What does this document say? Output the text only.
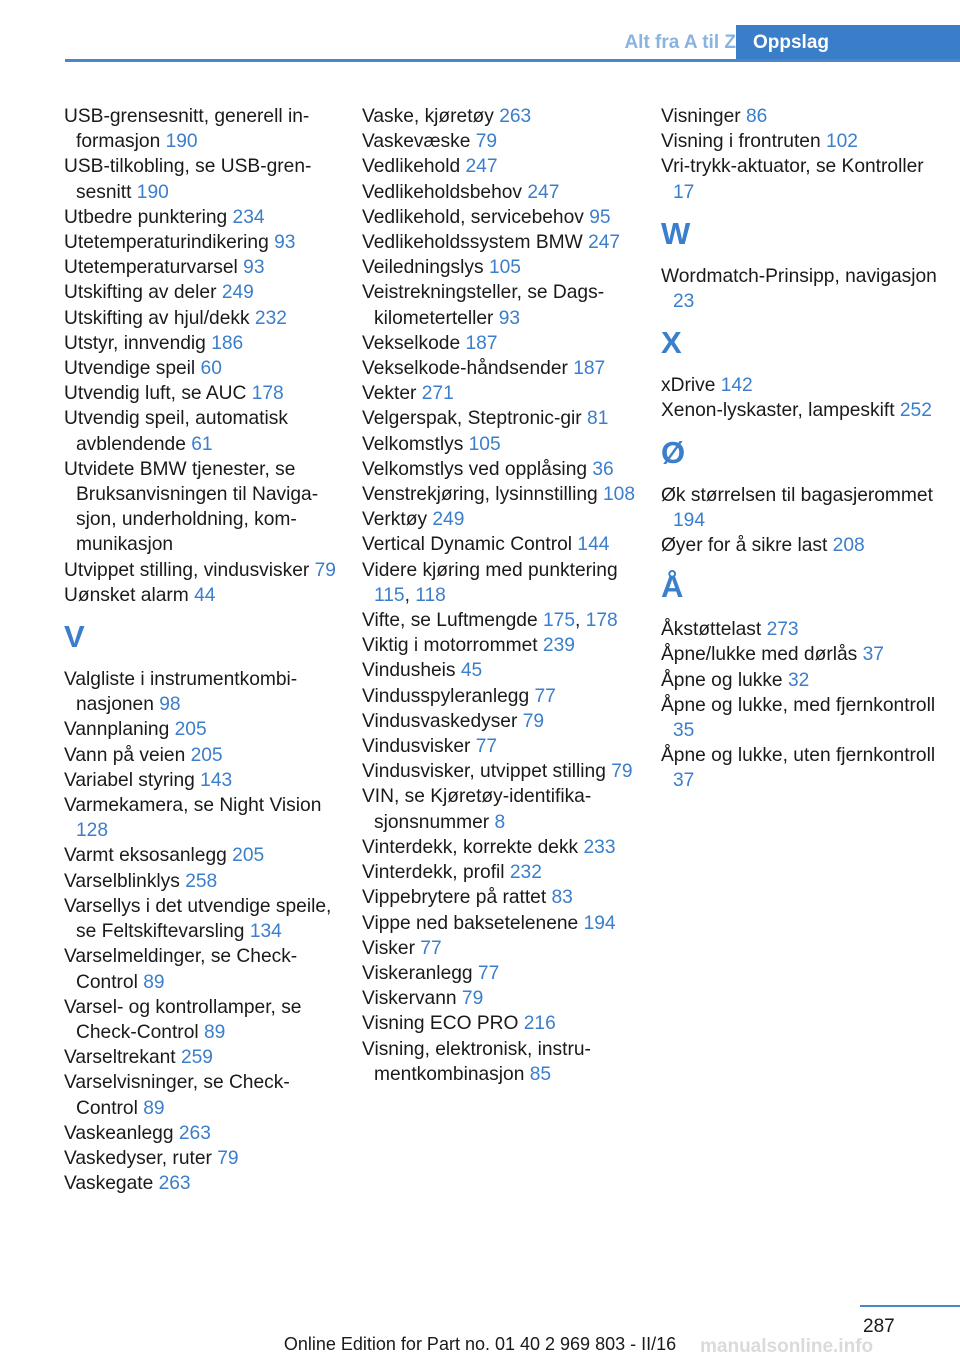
Alt fra A til Z Oppslag

USB-grensesnitt, generell informasjon 190

USB-tilkobling, se USB-grensesnitt 190

Utbedre punktering 234

Utetemperaturindikering 93

Utetemperaturvarsel 93

Utskifting av deler 249

Utskifting av hjul/dekk 232

Utstyr, innvendig 186

Utvendige speil 60

Utvendig luft, se AUC 178

Utvendig speil, automatisk avblendende 61

Utvidete BMW tjenester, se Bruksanvisningen til Navigasjon, underholdning, kommunikasjon

Utvippet stilling, vindusvisker 79

Uønsket alarm 44

V

Valgliste i instrumentkombinasjonen 98

Vannplaning 205

Vann på veien 205

Variabel styring 143

Varmekamera, se Night Vision 128

Varmt eksosanlegg 205

Varselblinklys 258

Varsellys i det utvendige speile, se Feltskiftevarsling 134

Varselmeldinger, se Check-Control 89

Varsel- og kontrollamper, se Check-Control 89

Varseltrekant 259

Varselvisninger, se Check-Control 89

Vaskeanlegg 263

Vaskedyser, ruter 79

Vaskegate 263

Vaske, kjøretøy 263

Vaskevæske 79

Vedlikehold 247

Vedlikeholdsbehov 247

Vedlikehold, servicebehov 95

Vedlikeholdssystem BMW 247

Veiledningslys 105

Veistrekningsteller, se Dagskilometerteller 93

Vekselkode 187

Vekselkode-håndsender 187

Vekter 271

Velgerspak, Steptronic-gir 81

Velkomstlys 105

Velkomstlys ved opplåsing 36

Venstrekjøring, lysinnstilling 108

Verktøy 249

Vertical Dynamic Control 144

Videre kjøring med punktering 115, 118

Vifte, se Luftmengde 175, 178

Viktig i motorrommet 239

Vindusheis 45

Vindusspyleranlegg 77

Vindusvaskedyser 79

Vindusvisker 77

Vindusvisker, utvippet stilling 79

VIN, se Kjøretøy-identifikasjonsnummer 8

Vinterdekk, korrekte dekk 233

Vinterdekk, profil 232

Vippebrytere på rattet 83

Vippe ned baksetelenene 194

Visker 77

Viskeranlegg 77

Viskervann 79

Visning ECO PRO 216

Visning, elektronisk, instrumentkombinasjon 85

Visninger 86

Visning i frontruten 102

Vri-trykk-aktuator, se Kontroller 17

W

Wordmatch-Prinsipp, navigasjon 23

X

xDrive 142

Xenon-lyskaster, lampeskift 252

Ø

Øk størrelsen til bagasjerommet 194

Øyer for å sikre last 208

Å

Åkstøttelast 273

Åpne/lukke med dørlås 37

Åpne og lukke 32

Åpne og lukke, med fjernkontroll 35

Åpne og lukke, uten fjernkontroll 37

287
Online Edition for Part no. 01 40 2 969 803 - II/16	manualsonline.info
